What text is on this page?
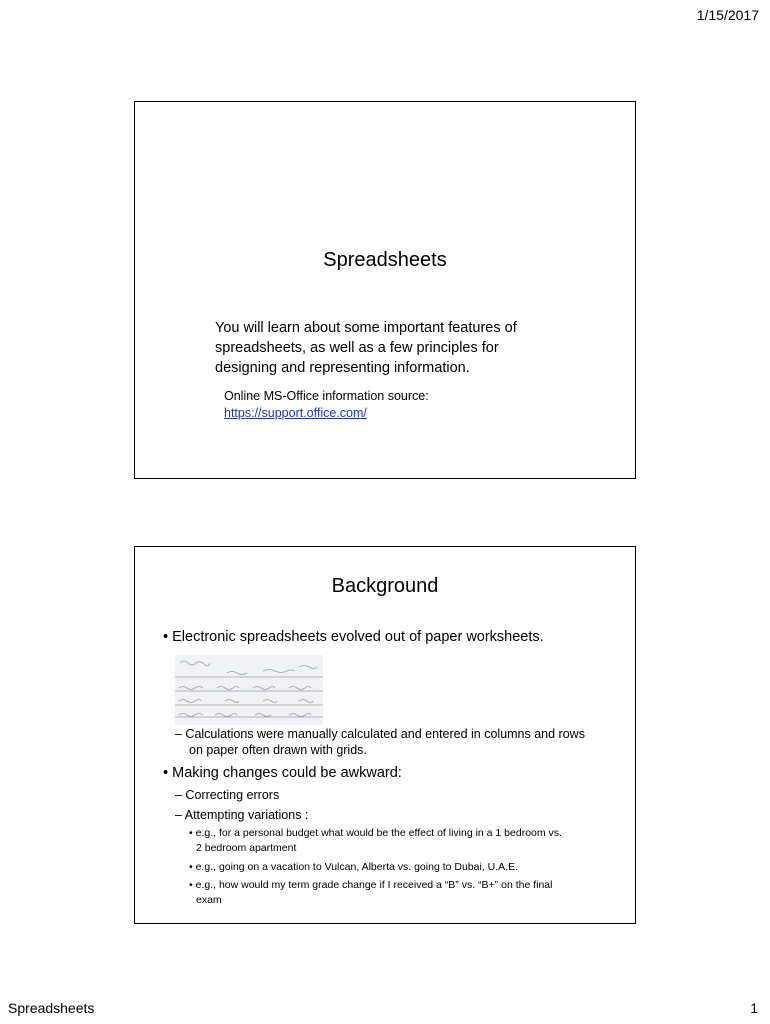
1/15/2017
Spreadsheets
You will learn about some important features of
spreadsheets, as well as a few principles for
designing and representing information.
Online MS-Office information source:
https://support.office.com/
Background
• Electronic spreadsheets evolved out of paper worksheets.
– Calculations were manually calculated and entered in columns and rows
on paper often drawn with grids.
• Making changes could be awkward:
– Correcting errors
– Attempting variations :
• e.g., for a personal budget what would be the effect of living in a 1 bedroom vs.
2 bedroom apartment
• e.g., going on a vacation to Vulcan, Alberta vs. going to Dubai, U.A.E.
• e.g., how would my term grade change if I received a “B” vs. “B+” on the final
exam
Spreadsheets	1
